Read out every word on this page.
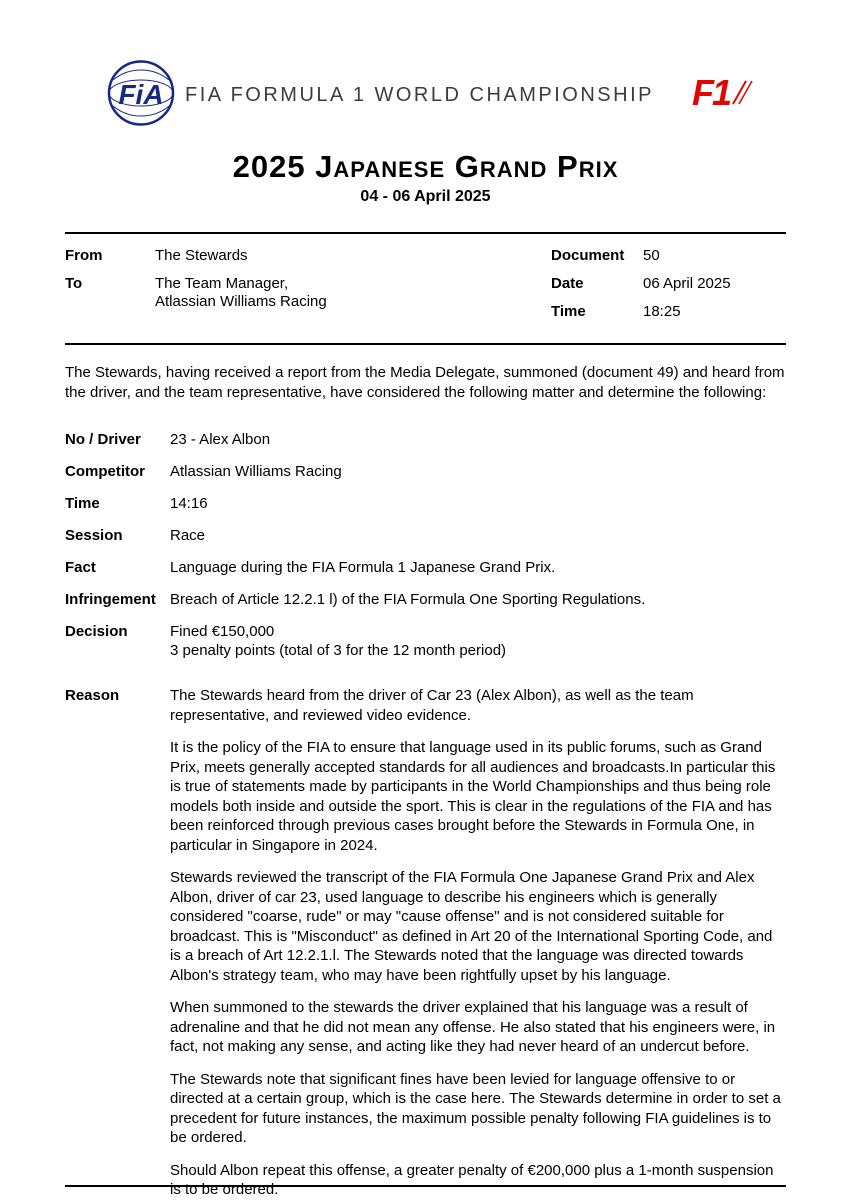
FiA	FIA FORMULA 1 WORLD CHAMPIONSHIP	F1
2025 Japanese Grand Prix
04 - 06 April 2025
From	The Stewards
To	The Team Manager,
Atlassian Williams Racing
Document	50
Date	06 April 2025
Time	18:25

The Stewards, having received a report from the Media Delegate, summoned (document 49) and heard from the driver, and the team representative, have considered the following matter and determine the following:

No / Driver	23 - Alex Albon
Competitor	Atlassian Williams Racing
Time	14:16
Session	Race
Fact	Language during the FIA Formula 1 Japanese Grand Prix.
Infringement Breach of Article 12.2.1 l) of the FIA Formula One Sporting Regulations.
Decision	Fined €150,000
3 penalty points (total of 3 for the 12 month period)
Reason	The Stewards heard from the driver of Car 23 (Alex Albon), as well as the team representative, and reviewed video evidence.

It is the policy of the FIA to ensure that language used in its public forums, such as Grand Prix, meets generally accepted standards for all audiences and broadcasts.In particular this is true of statements made by participants in the World Championships and thus being role models both inside and outside the sport. This is clear in the regulations of the FIA and has been reinforced through previous cases brought before the Stewards in Formula One, in particular in Singapore in 2024.

Stewards reviewed the transcript of the FIA Formula One Japanese Grand Prix and Alex Albon, driver of car 23, used language to describe his engineers which is generally considered "coarse, rude" or may "cause offense" and is not considered suitable for broadcast. This is "Misconduct" as defined in Art 20 of the International Sporting Code, and is a breach of Art 12.2.1.l. The Stewards noted that the language was directed towards Albon's strategy team, who may have been rightfully upset by his language.

When summoned to the stewards the driver explained that his language was a result of adrenaline and that he did not mean any offense. He also stated that his engineers were, in fact, not making any sense, and acting like they had never heard of an undercut before.

The Stewards note that significant fines have been levied for language offensive to or directed at a certain group, which is the case here. The Stewards determine in order to set a precedent for future instances, the maximum possible penalty following FIA guidelines is to be ordered.

Should Albon repeat this offense, a greater penalty of €200,000 plus a 1-month suspension is to be ordered.
